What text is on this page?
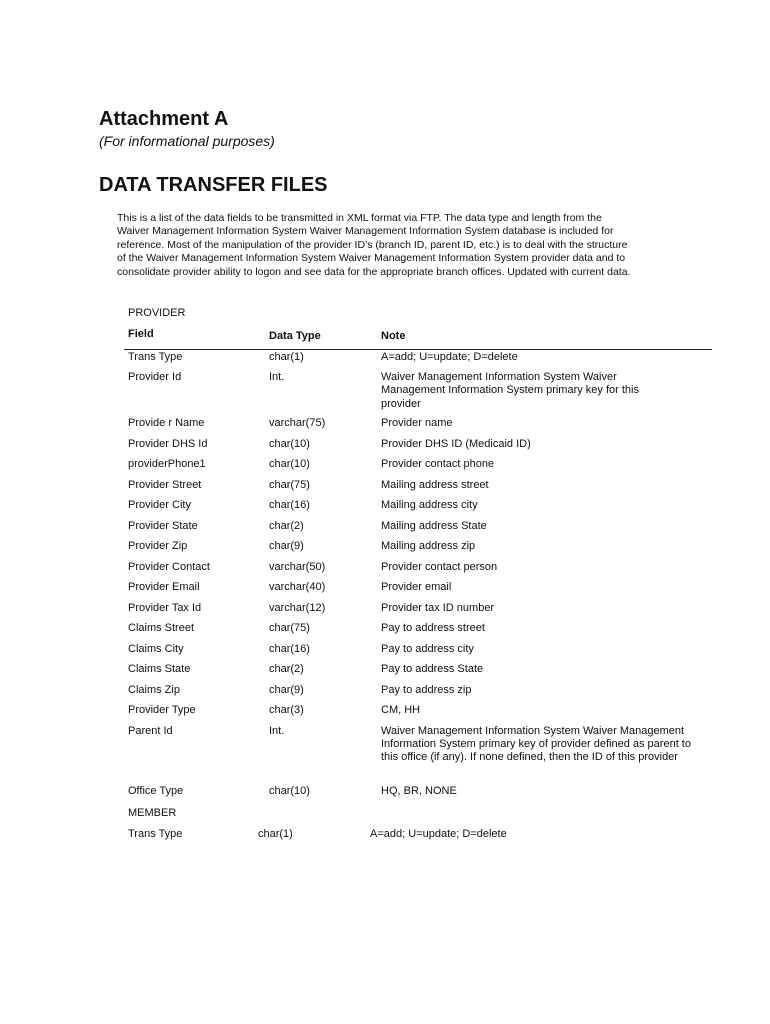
Attachment A

(For informational purposes)

DATA TRANSFER FILES
This is a list of the data fields to be transmitted in XML format via FTP. The data type and length from the
Waiver Management Information System Waiver Management Information System database is included for
reference. Most of the manipulation of the provider ID’s (branch ID, parent ID, etc.) is to deal with the structure
of the Waiver Management Information System Waiver Management Information System provider data and to
consolidate provider ability to logon and see data for the appropriate branch offices. Updated with current data.
PROVIDER
Field	Data Type	Note
Trans Type	char(1)	A=add; U=update; D=delete
Provider Id	Int.	Waiver Management Information System Waiver Management Information System primary key for this provider
Provide r Name	varchar(75)	Provider name
Provider DHS Id	char(10)	Provider DHS ID (Medicaid ID)
providerPhone1	char(10)	Provider contact phone
Provider Street	char(75)	Mailing address street
Provider City	char(16)	Mailing address city
Provider State	char(2)	Mailing address State
Provider Zip	char(9)	Mailing address zip
Provider Contact	varchar(50)	Provider contact person
Provider Email	varchar(40)	Provider email
Provider Tax Id	varchar(12)	Provider tax ID number
Claims Street	char(75)	Pay to address street
Claims City	char(16)	Pay to address city
Claims State	char(2)	Pay to address State
Claims Zip	char(9)	Pay to address zip
Provider Type	char(3)	CM, HH
Parent Id	Int.	Waiver Management Information System Waiver Management Information System primary key of provider defined as parent to this office (if any). If none defined, then the ID of this provider
Office Type	char(10)	HQ, BR, NONE
MEMBER
Trans Type	char(1)	A=add; U=update; D=delete
